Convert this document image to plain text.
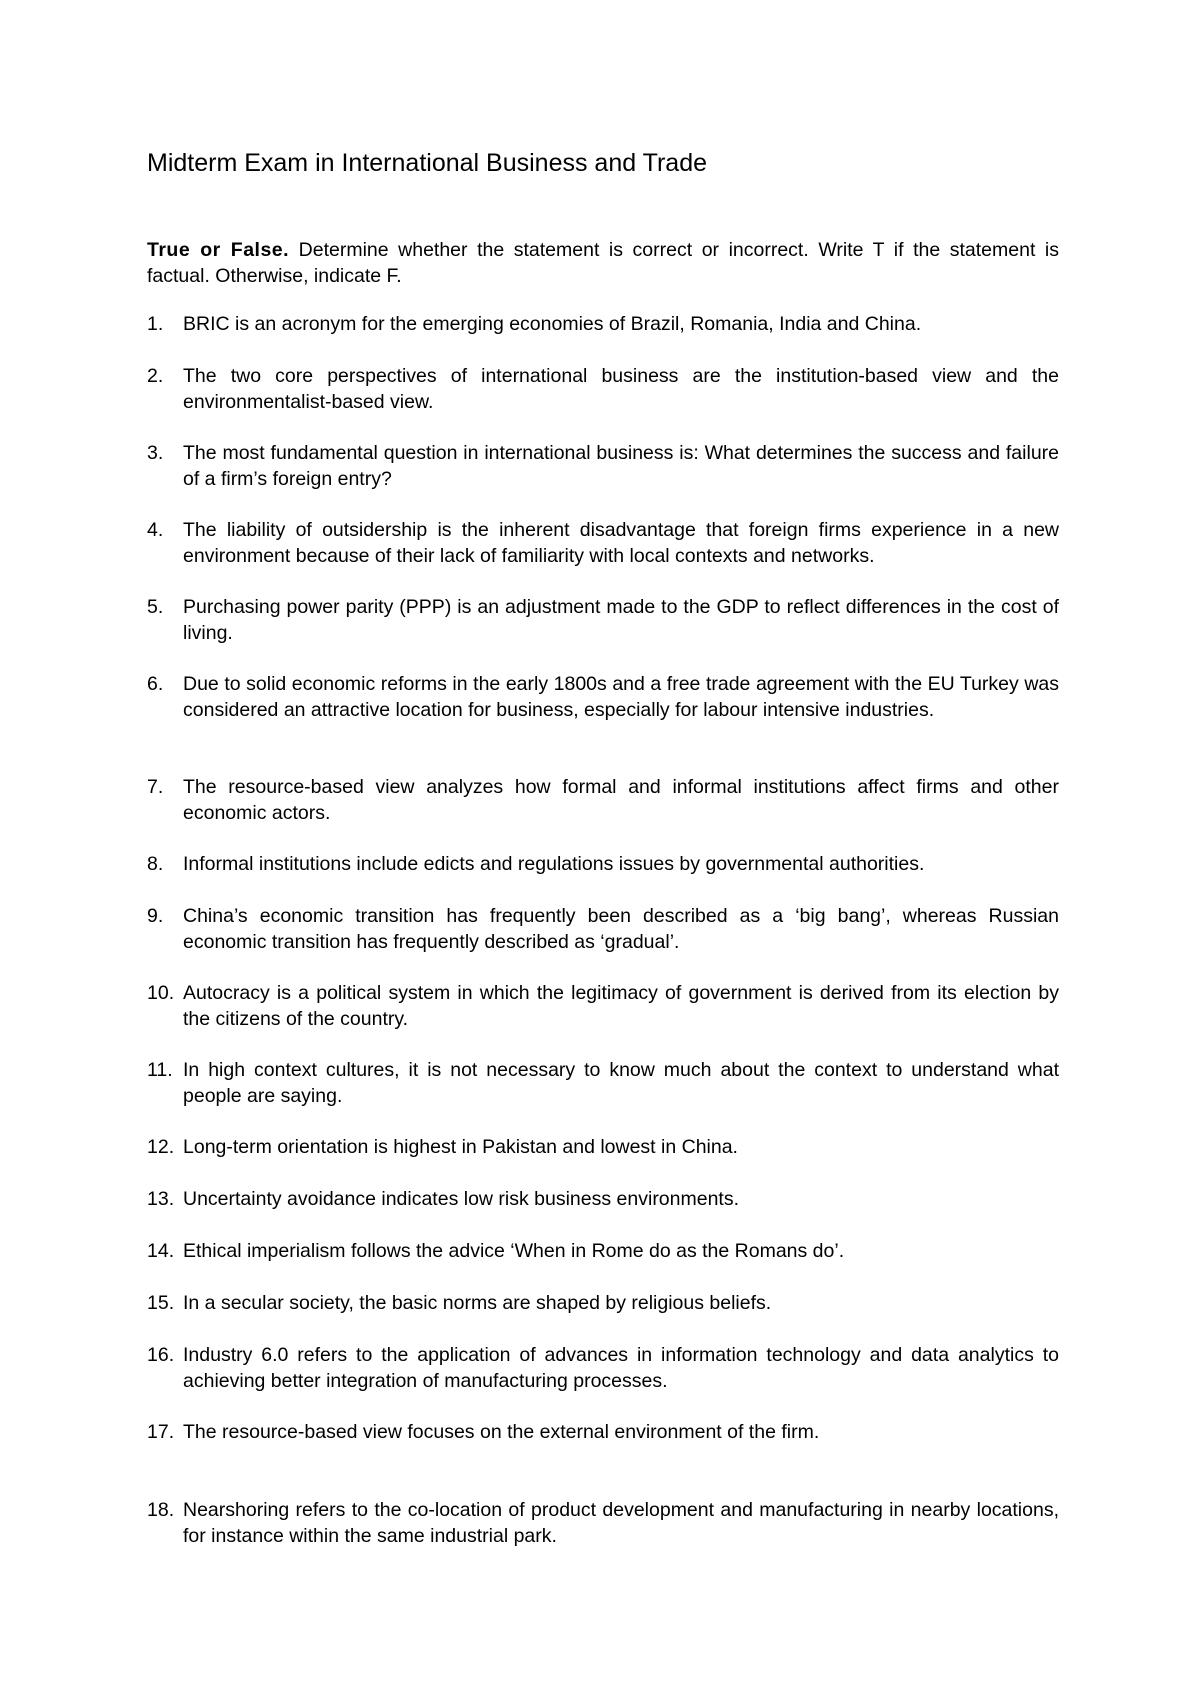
Midterm Exam in International Business and Trade

True or False. Determine whether the statement is correct or incorrect. Write T if the statement is factual. Otherwise, indicate F.

1.	BRIC is an acronym for the emerging economies of Brazil, Romania, India and China.
2.	The two core perspectives of international business are the institution-based view and the environmentalist-based view.
3.	The most fundamental question in international business is: What determines the success and failure of a firm’s foreign entry?
4.	The liability of outsidership is the inherent disadvantage that foreign firms experience in a new environment because of their lack of familiarity with local contexts and networks.
5.	Purchasing power parity (PPP) is an adjustment made to the GDP to reflect differences in the cost of living.
6.	Due to solid economic reforms in the early 1800s and a free trade agreement with the EU Turkey was considered an attractive location for business, especially for labour intensive industries.
7.	The resource-based view analyzes how formal and informal institutions affect firms and other economic actors.
8.	Informal institutions include edicts and regulations issues by governmental authorities.
9.	China’s economic transition has frequently been described as a ‘big bang’, whereas Russian economic transition has frequently described as ‘gradual’.
10. Autocracy is a political system in which the legitimacy of government is derived from its election by the citizens of the country.
11. In high context cultures, it is not necessary to know much about the context to understand what people are saying.
12. Long-term orientation is highest in Pakistan and lowest in China.
13. Uncertainty avoidance indicates low risk business environments.
14. Ethical imperialism follows the advice ‘When in Rome do as the Romans do’.
15. In a secular society, the basic norms are shaped by religious beliefs.
16. Industry 6.0 refers to the application of advances in information technology and data analytics to achieving better integration of manufacturing processes.
17. The resource-based view focuses on the external environment of the firm.
18. Nearshoring refers to the co-location of product development and manufacturing in nearby locations, for instance within the same industrial park.
